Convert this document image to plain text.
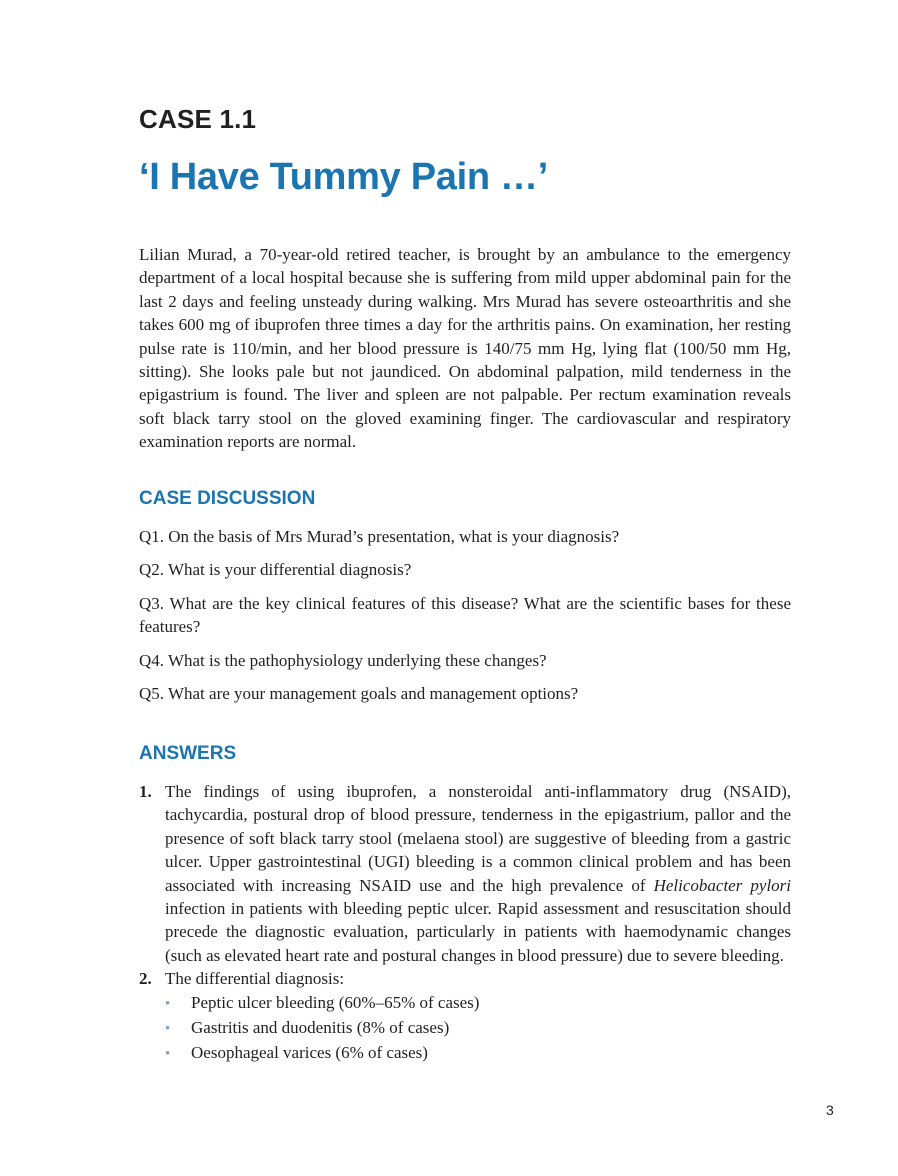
CASE 1.1
‘I Have Tummy Pain …’

Lilian Murad, a 70-year-old retired teacher, is brought by an ambulance to the emergency department of a local hospital because she is suffering from mild upper abdominal pain for the last 2 days and feeling unsteady during walking. Mrs Murad has severe osteoarthritis and she takes 600 mg of ibuprofen three times a day for the arthritis pains. On examination, her resting pulse rate is 110/min, and her blood pressure is 140/75 mm Hg, lying flat (100/50 mm Hg, sitting). She looks pale but not jaundiced. On abdominal palpation, mild tenderness in the epigastrium is found. The liver and spleen are not palpable. Per rectum examination reveals soft black tarry stool on the gloved examining finger. The cardiovascular and respiratory examination reports are normal.

CASE DISCUSSION

Q1. On the basis of Mrs Murad’s presentation, what is your diagnosis?

Q2. What is your differential diagnosis?

Q3. What are the key clinical features of this disease? What are the scientific bases for these features?

Q4. What is the pathophysiology underlying these changes?

Q5. What are your management goals and management options?

ANSWERS
1. The findings of using ibuprofen, a nonsteroidal anti-inflammatory drug (NSAID), tachycardia, postural drop of blood pressure, tenderness in the epigastrium, pallor and the presence of soft black tarry stool (melaena stool) are suggestive of bleeding from a gastric ulcer. Upper gastrointestinal (UGI) bleeding is a common clinical problem and has been associated with increasing NSAID use and the high prevalence of Helicobacter pylori infection in patients with bleeding peptic ulcer. Rapid assessment and resuscitation should precede the diagnostic evaluation, particularly in patients with haemodynamic changes (such as elevated heart rate and postural changes in blood pressure) due to severe bleeding.
2. The differential diagnosis:
• Peptic ulcer bleeding (60%–65% of cases)
• Gastritis and duodenitis (8% of cases)
• Oesophageal varices (6% of cases)
3
